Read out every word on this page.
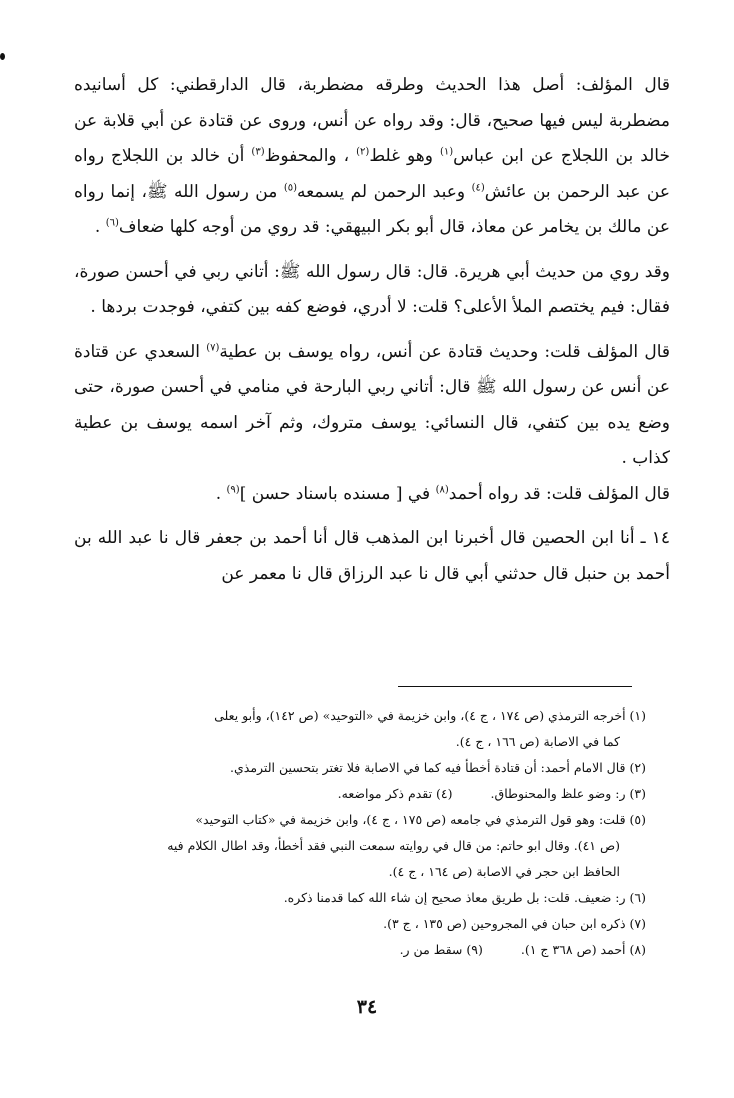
قال المؤلف: أصل هذا الحديث وطرقه مضطربة، قال الدارقطني: كل أسانيده مضطربة ليس فيها صحيح، قال: وقد رواه عن أنس، وروى عن قتادة عن أبي قلابة عن خالد بن اللجلاج عن ابن عباس$^{(١)}$ وهو غلط$^{(٢)}$ ، والمحفوظ$^{(٣)}$ أن خالد بن اللجلاج رواه عن عبد الرحمن بن عائش$^{(٤)}$ وعبد الرحمن لم يسمعه$^{(٥)}$ من رسول الله ﷺ، إنما رواه عن مالك بن يخامر عن معاذ، قال أبو بكر البيهقي: قد روي من أوجه كلها ضعاف$^{(٦)}$ .

وقد روي من حديث أبي هريرة. قال: قال رسول الله ﷺ: أتاني ربي في أحسن صورة، فقال: فيم يختصم الملأ الأعلى؟ قلت: لا أدري، فوضع كفه بين كتفي، فوجدت بردها .

قال المؤلف قلت: وحديث قتادة عن أنس، رواه يوسف بن عطية$^{(٧)}$ السعدي عن قتادة عن أنس عن رسول الله ﷺ قال: أتاني ربي البارحة في منامي في أحسن صورة، حتى وضع يده بين كتفي، قال النسائي: يوسف متروك، وثم آخر اسمه يوسف بن عطية كذاب .

قال المؤلف قلت: قد رواه أحمد$^{(٨)}$ في [ مسنده باسناد حسن ]$^{(٩)}$ .

١٤ ـ أنا ابن الحصين قال أخبرنا ابن المذهب قال أنا أحمد بن جعفر قال نا عبد الله بن أحمد بن حنبل قال حدثني أبي قال نا عبد الرزاق قال نا معمر عن

(١) أخرجه الترمذي (ص ١٧٤ ، ج ٤)، وابن خزيمة في «التوحيد» (ص ١٤٢)، وأبو يعلى
كما في الاصابة (ص ١٦٦ ، ج ٤).
(٢) قال الامام أحمد: أن قتادة أخطأ فيه كما في الاصابة فلا تغتر بتحسين الترمذي.
(٣) ر: وضو علظ والمحنوطاق. (٤) تقدم ذكر مواضعه.
(٥) قلت: وهو قول الترمذي في جامعه (ص ١٧٥ ، ج ٤)، وابن خزيمة في «كتاب التوحيد»
(ص ٤١). وقال ابو حاتم: من قال في روايته سمعت النبي فقد أخطأ، وقد اطال الكلام فيه
الحافظ ابن حجر في الاصابة (ص ١٦٤ ، ج ٤).
(٦) ر: ضعيف. قلت: بل طريق معاذ صحيح إن شاء الله كما قدمنا ذكره.
(٧) ذكره ابن حبان في المجروحين (ص ١٣٥ ، ج ٣).
(٨) أحمد (ص ٣٦٨ ج ١). (٩) سقط من ر.
٣٤
